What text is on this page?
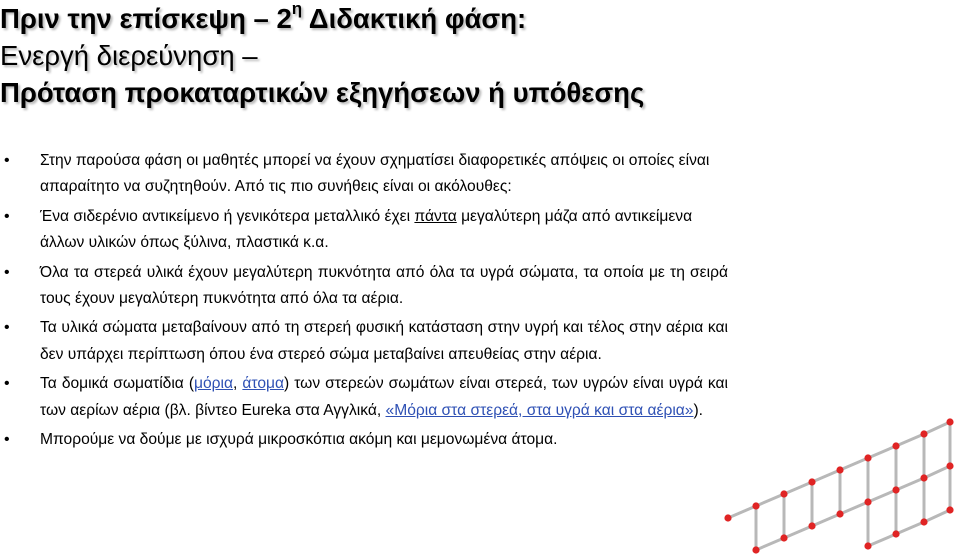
Πριν την επίσκεψη – $2^\eta$ Διδακτική φάση:
Ενεργή διερεύνηση –
Πρόταση προκαταρτικών εξηγήσεων ή υπόθεσης
• Στην παρούσα φάση οι μαθητές μπορεί να έχουν σχηματίσει διαφορετικές απόψεις οι οποίες είναι απαραίτητο να συζητηθούν. Από τις πιο συνήθεις είναι οι ακόλουθες:
• Ένα σιδερένιο αντικείμενο ή γενικότερα μεταλλικό έχει πάντα μεγαλύτερη μάζα από αντικείμενα άλλων υλικών όπως ξύλινα, πλαστικά κ.α.
• Όλα τα στερεά υλικά έχουν μεγαλύτερη πυκνότητα από όλα τα υγρά σώματα, τα οποία με τη σειρά τους έχουν μεγαλύτερη πυκνότητα από όλα τα αέρια.
• Τα υλικά σώματα μεταβαίνουν από τη στερεή φυσική κατάσταση στην υγρή και τέλος στην αέρια και δεν υπάρχει περίπτωση όπου ένα στερεό σώμα μεταβαίνει απευθείας στην αέρια.
• Τα δομικά σωματίδια (μόρια, άτομα) των στερεών σωμάτων είναι στερεά, των υγρών είναι υγρά και των αερίων αέρια (βλ. βίντεο Eureka στα Αγγλικά, «Μόρια στα στερεά, στα υγρά και στα αέρια»).
• Μπορούμε να δούμε με ισχυρά μικροσκόπια ακόμη και μεμονωμένα άτομα.
